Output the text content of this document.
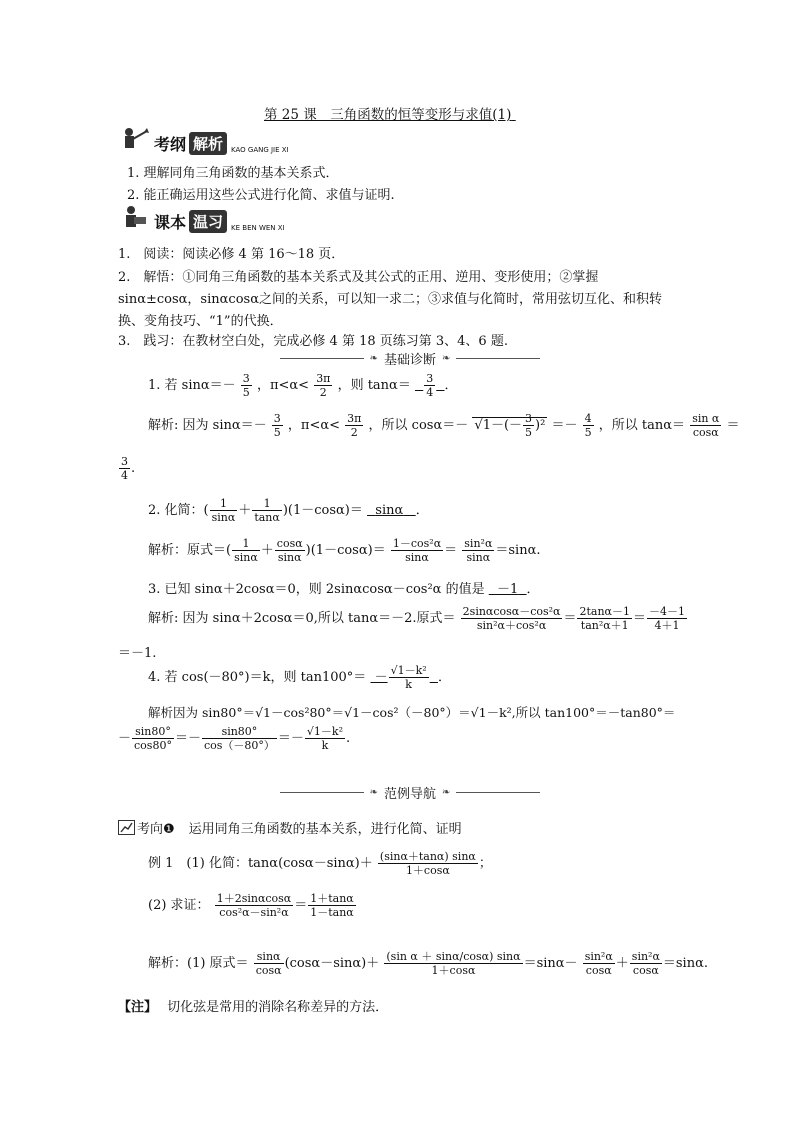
第 25 课　三角函数的恒等变形与求值(1)
考纲 解析	KAO GANG JIE XI
1. 理解同角三角函数的基本关系式．
2. 能正确运用这些公式进行化简、求值与证明.
课本 温习	KE BEN WEN XI
1.　阅读：阅读必修 4 第 16～18 页．
2.　解悟：①同角三角函数的基本关系式及其公式的正用、逆用、变形使用；②掌握
sinα±cosα，sinαcosα之间的关系，可以知一求二；③求值与化简时，常用弦切互化、和积转
换、变角技巧、“1”的代换．
3.　践习：在教材空白处，完成必修 4 第 18 页练习第 3、4、6 题.
❧ 基础诊断 ❧
1. 若 $\sin\alpha=- \frac{3}{5}$ ，$\pi<\alpha< \frac{3\pi}{2}$ ，则 $\tan\alpha= \frac{3}{4}$ ．
解析: 因为 $\sin\alpha=- \frac{3}{5}$ ，$\pi<\alpha< \frac{3\pi}{2}$ ，所以 $\cos\alpha=- √1-(- \frac{3}{5} )^2 =- \frac{4}{5}$ ，所以 $\tan\alpha= \frac{\text{sin α}}{\cos\alpha}$ ＝
$\frac{3}{4}$ .
2. 化简：( $\frac{1}{\sin\alpha} + \frac{1}{\tan\alpha} )(1-\cos\alpha)= \sin\alpha$ ．
解析：原式＝( $\frac{1}{\sin\alpha} + \frac{\cos\alpha}{\sin\alpha} )(1-\cos\alpha)= \frac{\text{1－cos²α}}{\sin\alpha} = \frac{\text{sin²α}}{\sin\alpha} =\sin\alpha$.
3. 已知 sinα＋2cosα＝0，则 2sinαcosα－cos²α 的值是 －1 ．
解析: 因为 sinα＋2cosα＝0,所以 tanα＝－2.原式＝ $\frac{\text{2sinαcosα－cos²α}}{\text{sin²α＋cos²α}} = \frac{2\tan\alpha-1}{\text{tan²α＋1}} = \frac{-4-1}{4+1}$
＝－1.
4. 若 cos(－80°)＝k，则 $\tan 100^\circ= - \frac{\text{√1－k²}}{k}$ ．
解析因为 sin80°＝√1－cos²80°＝√1－cos²（－80°）＝√1－k²,所以 tan100°＝－tan80°＝
－ $\frac{\sin 80^\circ}{\cos 80^\circ} =- \frac{\sin 80^\circ}{\cos(-80^\circ)} =- \frac{\text{√1－k²}}{k}$ .
❧ 范例导航 ❧
考向❶ 运用同角三角函数的基本关系，进行化简、证明
例 1　(1) 化简：$\tan\alpha(\cos\alpha-\sin\alpha)+ \frac{(\sin\alpha+\tan\alpha) \sin\alpha}{1+\cos\alpha}$ ；
(2) 求证： $\frac{1+2\sin\alpha\cos\alpha}{\text{cos²α－sin²α}} = \frac{1+\tan\alpha}{1-\tan\alpha}$
解析：(1) 原式＝ $\frac{\sin\alpha}{\cos\alpha} (\cos\alpha-\sin\alpha)+ \frac{\text{(sin α ＋ sinα/cosα) sinα}}{1+\cos\alpha} =\sin\alpha- \frac{\text{sin²α}}{\cos\alpha} + \frac{\text{sin²α}}{\cos\alpha} =\sin\alpha$.
【注】 切化弦是常用的消除名称差异的方法．
